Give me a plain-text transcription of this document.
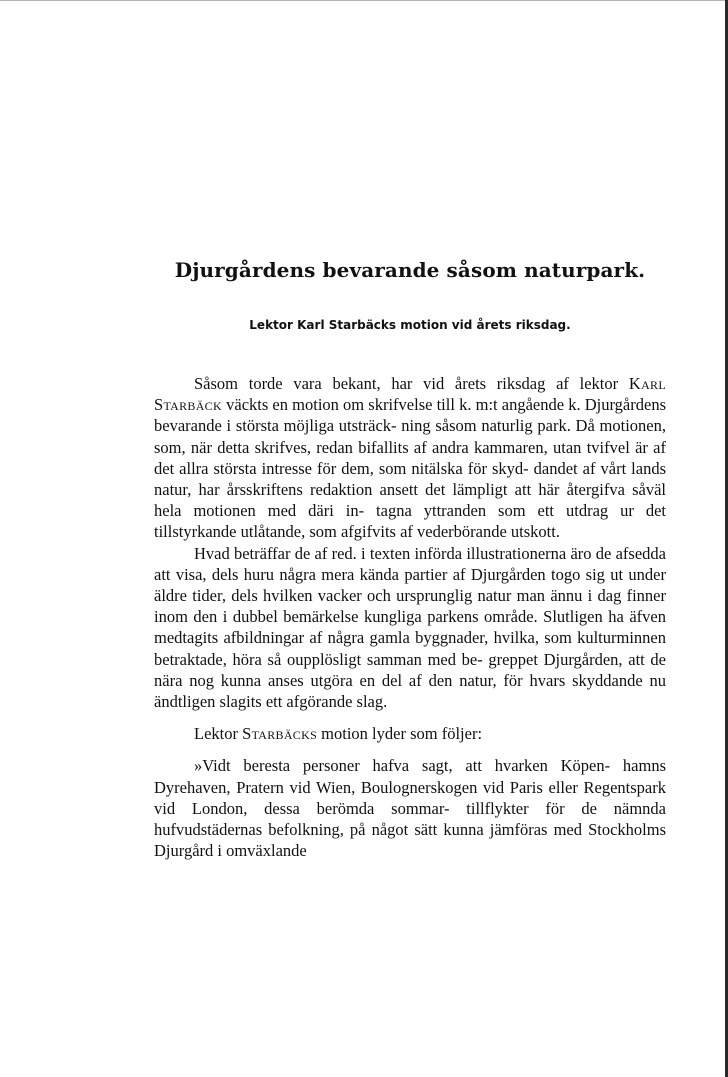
Djurgårdens bevarande såsom naturpark.
Lektor Karl Starbäcks motion vid årets riksdag.

Såsom torde vara bekant, har vid årets riksdag af lektor Karl Starbäck väckts en motion om skrifvelse till k. m:t angående k. Djurgårdens bevarande i största möjliga utsträck- ning såsom naturlig park. Då motionen, som, när detta skrifves, redan bifallits af andra kammaren, utan tvifvel är af det allra största intresse för dem, som nitälska för skyd- dandet af vårt lands natur, har årsskriftens redaktion ansett det lämpligt att här återgifva såväl hela motionen med däri in- tagna yttranden som ett utdrag ur det tillstyrkande utlåtande, som afgifvits af vederbörande utskott.

Hvad beträffar de af red. i texten införda illustrationerna äro de afsedda att visa, dels huru några mera kända partier af Djurgården togo sig ut under äldre tider, dels hvilken vacker och ursprunglig natur man ännu i dag finner inom den i dubbel bemärkelse kungliga parkens område. Slutligen ha äfven medtagits afbildningar af några gamla byggnader, hvilka, som kulturminnen betraktade, höra så oupplösligt samman med be- greppet Djurgården, att de nära nog kunna anses utgöra en del af den natur, för hvars skyddande nu ändtligen slagits ett afgörande slag.

Lektor Starbäcks motion lyder som följer:

»Vidt beresta personer hafva sagt, att hvarken Köpen- hamns Dyrehaven, Pratern vid Wien, Boulognerskogen vid Paris eller Regentspark vid London, dessa berömda sommar- tillflykter för de nämnda hufvudstädernas befolkning, på något sätt kunna jämföras med Stockholms Djurgård i omväxlande
